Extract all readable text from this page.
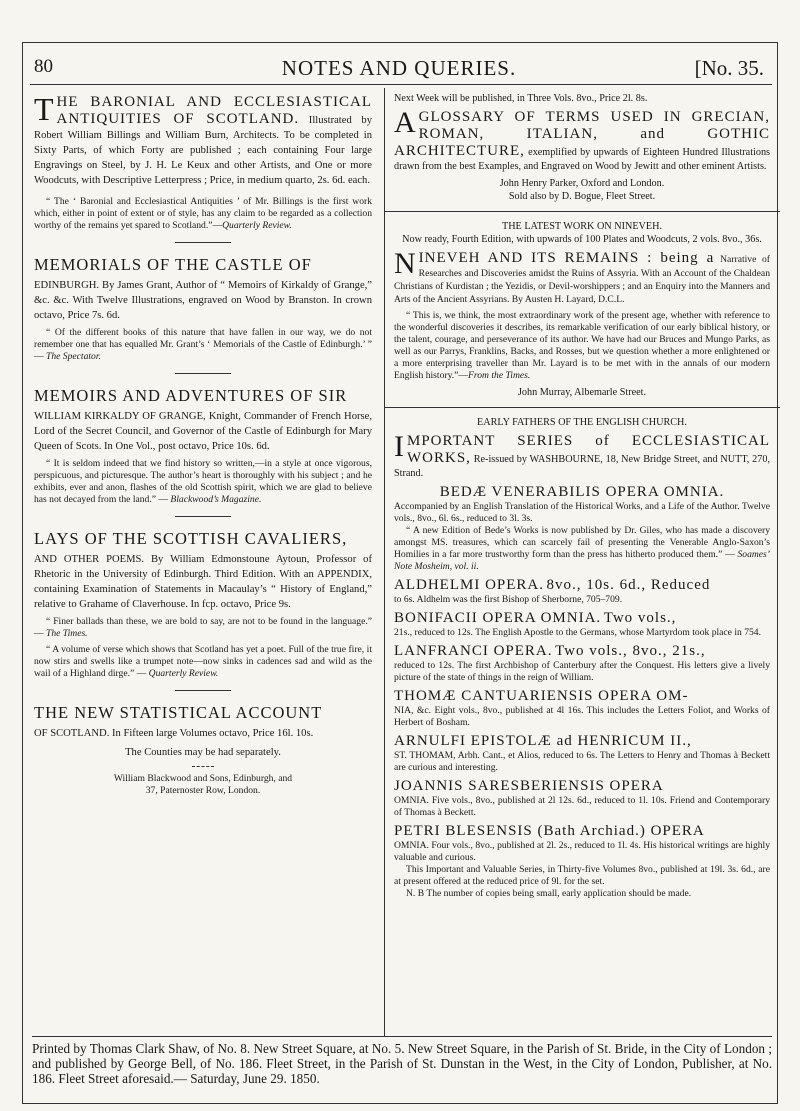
80	NOTES AND QUERIES.	[No. 35.

THE BARONIAL AND ECCLESIASTICAL ANTIQUITIES OF SCOTLAND. Illustrated by Robert William Billings and William Burn, Architects. To be completed in Sixty Parts, of which Forty are published ; each containing Four large Engravings on Steel, by J. H. Le Keux and other Artists, and One or more Woodcuts, with Descriptive Letterpress ; Price, in medium quarto, 2s. 6d. each.

“ The ‘ Baronial and Ecclesiastical Antiquities ’ of Mr. Billings is the first work which, either in point of extent or of style, has any claim to be regarded as a collection worthy of the remains yet spared to Scotland.”—Quarterly Review.

MEMORIALS OF THE CASTLE OF

EDINBURGH. By James Grant, Author of “ Memoirs of Kirkaldy of Grange,” &c. &c. With Twelve Illustrations, engraved on Wood by Branston. In crown octavo, Price 7s. 6d.

“ Of the different books of this nature that have fallen in our way, we do not remember one that has equalled Mr. Grant’s ‘ Memorials of the Castle of Edinburgh.’ ” — The Spectator.

MEMOIRS AND ADVENTURES OF SIR

WILLIAM KIRKALDY OF GRANGE, Knight, Commander of French Horse, Lord of the Secret Council, and Governor of the Castle of Edinburgh for Mary Queen of Scots. In One Vol., post octavo, Price 10s. 6d.

“ It is seldom indeed that we find history so written,—in a style at once vigorous, perspicuous, and picturesque. The author’s heart is thoroughly with his subject ; and he exhibits, ever and anon, flashes of the old Scottish spirit, which we are glad to believe has not decayed from the land.” — Blackwood’s Magazine.

LAYS OF THE SCOTTISH CAVALIERS,

AND OTHER POEMS. By William Edmonstoune Aytoun, Professor of Rhetoric in the University of Edinburgh. Third Edition. With an APPENDIX, containing Examination of Statements in Macaulay’s “ History of England,” relative to Grahame of Claverhouse. In fcp. octavo, Price 9s.

“ Finer ballads than these, we are bold to say, are not to be found in the language.” — The Times.

“ A volume of verse which shows that Scotland has yet a poet. Full of the true fire, it now stirs and swells like a trumpet note—now sinks in cadences sad and wild as the wail of a Highland dirge.” — Quarterly Review.

THE NEW STATISTICAL ACCOUNT

OF SCOTLAND. In Fifteen large Volumes octavo, Price 16l. 10s.

The Counties may be had separately.

William Blackwood and Sons, Edinburgh, and

37, Paternoster Row, London.

Next Week will be published, in Three Vols. 8vo., Price 2l. 8s.

AGLOSSARY OF TERMS USED IN GRECIAN, ROMAN, ITALIAN, and GOTHIC ARCHITECTURE, exemplified by upwards of Eighteen Hundred Illustrations drawn from the best Examples, and Engraved on Wood by Jewitt and other eminent Artists.

John Henry Parker, Oxford and London.

Sold also by D. Bogue, Fleet Street.

THE LATEST WORK ON NINEVEH.

Now ready, Fourth Edition, with upwards of 100 Plates and Woodcuts, 2 vols. 8vo., 36s.

NINEVEH AND ITS REMAINS : being a Narrative of Researches and Discoveries amidst the Ruins of Assyria. With an Account of the Chaldean Christians of Kurdistan ; the Yezidis, or Devil-worshippers ; and an Enquiry into the Manners and Arts of the Ancient Assyrians. By Austen H. Layard, D.C.L.

“ This is, we think, the most extraordinary work of the present age, whether with reference to the wonderful discoveries it describes, its remarkable verification of our early biblical history, or the talent, courage, and perseverance of its author. We have had our Bruces and Mungo Parks, as well as our Parrys, Franklins, Backs, and Rosses, but we question whether a more enlightened or a more enterprising traveller than Mr. Layard is to be met with in the annals of our modern English history.”—From the Times.

John Murray, Albemarle Street.

EARLY FATHERS OF THE ENGLISH CHURCH.

IMPORTANT SERIES of ECCLESIASTICAL WORKS, Re-issued by WASHBOURNE, 18, New Bridge Street, and NUTT, 270, Strand.

BEDÆ VENERABILIS OPERA OMNIA.

Accompanied by an English Translation of the Historical Works, and a Life of the Author. Twelve vols., 8vo., 6l. 6s., reduced to 3l. 3s.

“ A new Edition of Bede’s Works is now published by Dr. Giles, who has made a discovery amongst MS. treasures, which can scarcely fail of presenting the Venerable Anglo-Saxon’s Homilies in a far more trustworthy form than the press has hitherto produced them.” — Soames’ Note Mosheim, vol. ii.

ALDHELMI OPERA. 8vo., 10s. 6d., Reduced

to 6s. Aldhelm was the first Bishop of Sherborne, 705–709.

BONIFACII OPERA OMNIA. Two vols.,

21s., reduced to 12s. The English Apostle to the Germans, whose Martyrdom took place in 754.

LANFRANCI OPERA. Two vols., 8vo., 21s.,

reduced to 12s. The first Archbishop of Canterbury after the Conquest. His letters give a lively picture of the state of things in the reign of William.

THOMÆ CANTUARIENSIS OPERA OM-

NIA, &c. Eight vols., 8vo., published at 4l 16s. This includes the Letters Foliot, and Works of Herbert of Bosham.

ARNULFI EPISTOLÆ ad HENRICUM II.,

ST. THOMAM, Arbh. Cant., et Alios, reduced to 6s. The Letters to Henry and Thomas à Beckett are curious and interesting.

JOANNIS SARESBERIENSIS OPERA

OMNIA. Five vols., 8vo., published at 2l 12s. 6d., reduced to 1l. 10s. Friend and Contemporary of Thomas à Beckett.

PETRI BLESENSIS (Bath Archiad.) OPERA

OMNIA. Four vols., 8vo., published at 2l. 2s., reduced to 1l. 4s. His historical writings are highly valuable and curious.

This Important and Valuable Series, in Thirty-five Volumes 8vo., published at 19l. 3s. 6d., are at present offered at the reduced price of 9l. for the set.

N. B The number of copies being small, early application should be made.

Printed by Thomas Clark Shaw, of No. 8. New Street Square, at No. 5. New Street Square, in the Parish of St. Bride, in the City of London ; and published by George Bell, of No. 186. Fleet Street, in the Parish of St. Dunstan in the West, in the City of London, Publisher, at No. 186. Fleet Street aforesaid.— Saturday, June 29. 1850.
